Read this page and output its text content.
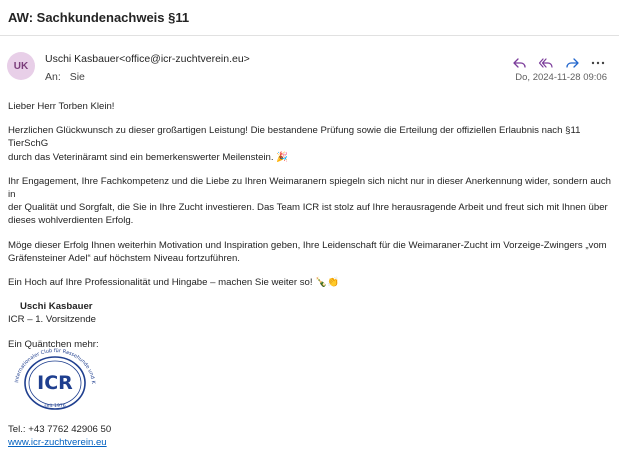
AW: Sachkundenachweis §11
UK
Uschi Kasbauer<office@icr-zuchtverein.eu>
An: Sie	Do, 2024-11-28 09:06

Lieber Herr Torben Klein!

Herzlichen Glückwunsch zu dieser großartigen Leistung! Die bestandene Prüfung sowie die Erteilung der offiziellen Erlaubnis nach §11 TierSchG

durch das Veterinäramt sind ein bemerkenswerter Meilenstein. 🎉

Ihr Engagement, Ihre Fachkompetenz und die Liebe zu Ihren Weimaranern spiegeln sich nicht nur in dieser Anerkennung wider, sondern auch in

der Qualität und Sorgfalt, die Sie in Ihre Zucht investieren. Das Team ICR ist stolz auf Ihre herausragende Arbeit und freut sich mit Ihnen über

dieses wohlverdienten Erfolg.

Möge dieser Erfolg Ihnen weiterhin Motivation und Inspiration geben, Ihre Leidenschaft für die Weimaraner-Zucht im Vorzeige-Zwingers „vom

Gräfensteiner Adel“ auf höchstem Niveau fortzuführen.

Ein Hoch auf Ihre Professionalität und Hingabe – machen Sie weiter so! 🍾👏

Uschi Kasbauer

ICR – 1. Vorsitzende

Ein Quäntchen mehr:

Internationaler Club für Rassehunde und K
ICR
seit 1976
Tel.: +43 7762 42906 50
www.icr-zuchtverein.eu
